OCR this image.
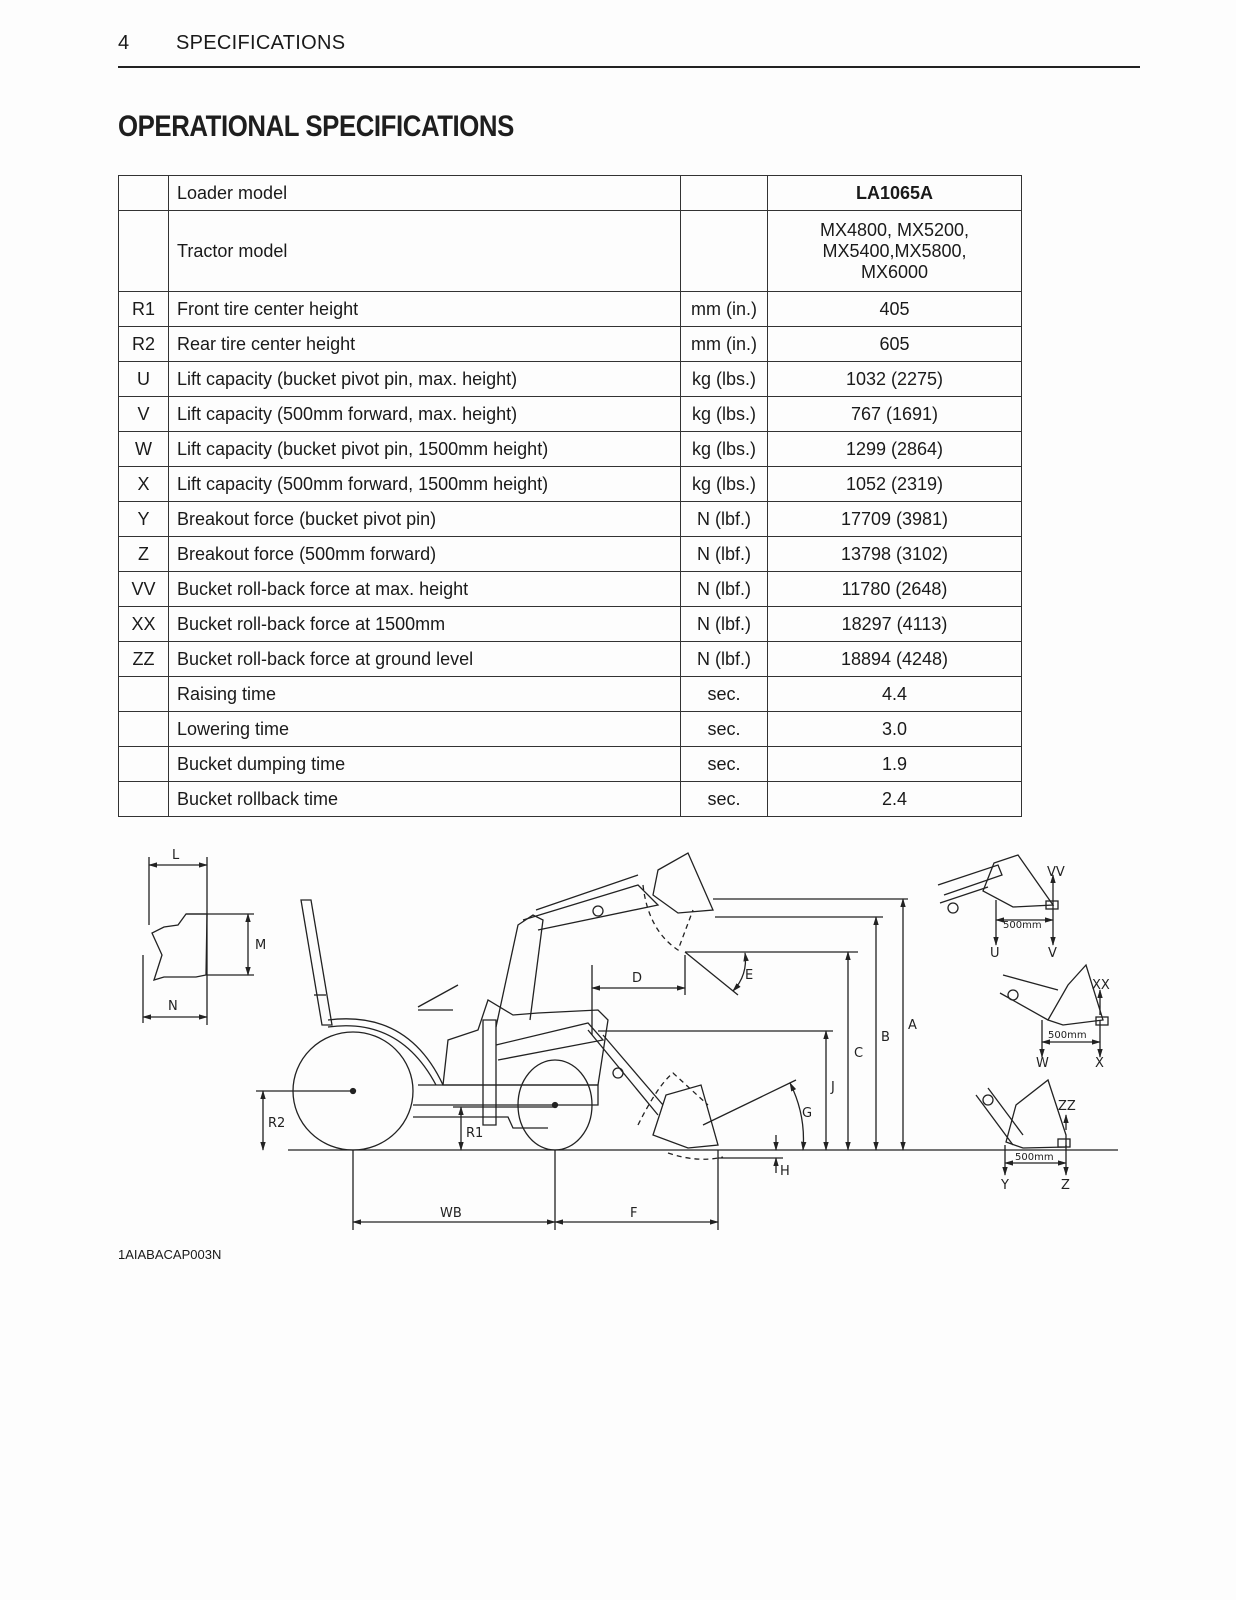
4 SPECIFICATIONS
OPERATIONAL SPECIFICATIONS
	Loader model		LA1065A
	Tractor model		MX4800, MX5200,
MX5400,MX5800,
MX6000

R1	Front tire center height	mm (in.)	405
R2	Rear tire center height	mm (in.)	605
U	Lift capacity (bucket pivot pin, max. height)	kg (lbs.)	1032 (2275)
V	Lift capacity (500mm forward, max. height)	kg (lbs.)	767 (1691)
W	Lift capacity (bucket pivot pin, 1500mm height)	kg (lbs.)	1299 (2864)
X	Lift capacity (500mm forward, 1500mm height)	kg (lbs.)	1052 (2319)
Y	Breakout force (bucket pivot pin)	N (lbf.)	17709 (3981)
Z	Breakout force (500mm forward)	N (lbf.)	13798 (3102)
VV	Bucket roll-back force at max. height	N (lbf.)	11780 (2648)
XX	Bucket roll-back force at 1500mm	N (lbf.)	18297 (4113)
ZZ	Bucket roll-back force at ground level	N (lbf.)	18894 (4248)
	Raising time	sec.	4.4
	Lowering time	sec.	3.0
	Bucket dumping time	sec.	1.9
	Bucket rollback time	sec.	2.4
L
M
N
R2
R1
WB	F
D	E
A
B
C
J
G
H
500mm
VV
U	V
500mm
XX
W	X
500mm
ZZ
Y	Z
1AIABACAP003N
